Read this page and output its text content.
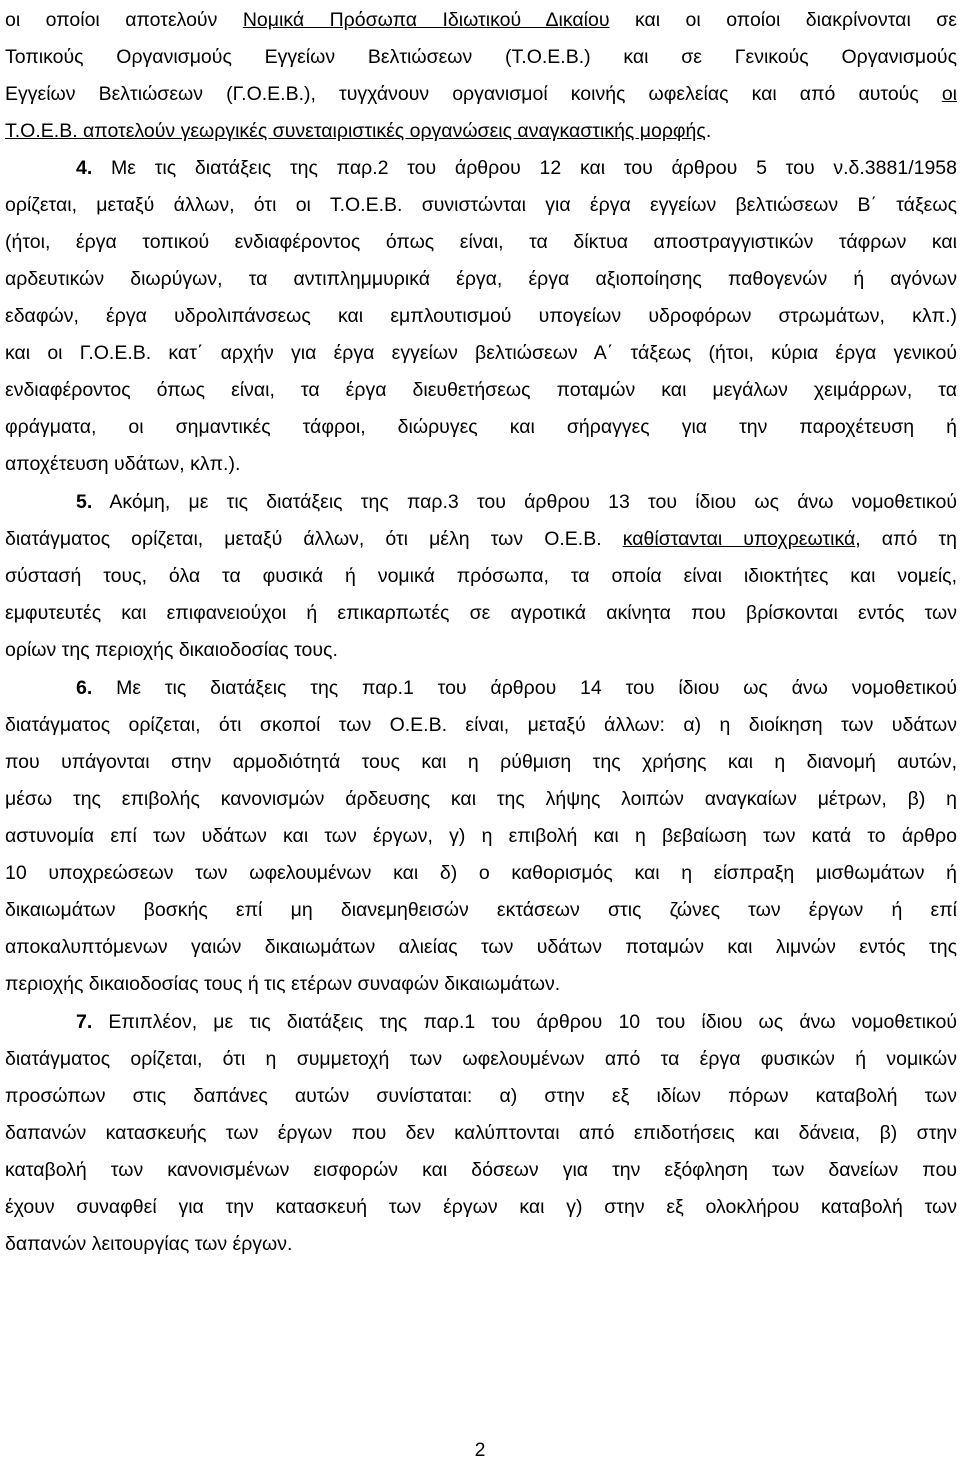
οι οποίοι αποτελούν Νομικά Πρόσωπα Ιδιωτικού Δικαίου και οι οποίοι διακρίνονται σε
Τοπικούς Οργανισμούς Εγγείων Βελτιώσεων (Τ.Ο.Ε.Β.) και σε Γενικούς Οργανισμούς
Εγγείων Βελτιώσεων (Γ.Ο.Ε.Β.), τυγχάνουν οργανισμοί κοινής ωφελείας και από αυτούς οι
Τ.Ο.Ε.Β. αποτελούν γεωργικές συνεταιριστικές οργανώσεις αναγκαστικής μορφής.
4. Με τις διατάξεις της παρ.2 του άρθρου 12 και του άρθρου 5 του ν.δ.3881/1958
ορίζεται, μεταξύ άλλων, ότι οι Τ.Ο.Ε.Β. συνιστώνται για έργα εγγείων βελτιώσεων Β΄ τάξεως
(ήτοι, έργα τοπικού ενδιαφέροντος όπως είναι, τα δίκτυα αποστραγγιστικών τάφρων και
αρδευτικών διωρύγων, τα αντιπλημμυρικά έργα, έργα αξιοποίησης παθογενών ή αγόνων
εδαφών, έργα υδρολιπάνσεως και εμπλουτισμού υπογείων υδροφόρων στρωμάτων, κλπ.)
και οι Γ.Ο.Ε.Β. κατ΄ αρχήν για έργα εγγείων βελτιώσεων Α΄ τάξεως (ήτοι, κύρια έργα γενικού
ενδιαφέροντος όπως είναι, τα έργα διευθετήσεως ποταμών και μεγάλων χειμάρρων, τα
φράγματα, οι σημαντικές τάφροι, διώρυγες και σήραγγες για την παροχέτευση ή
αποχέτευση υδάτων, κλπ.).
5. Ακόμη, με τις διατάξεις της παρ.3 του άρθρου 13 του ίδιου ως άνω νομοθετικού
διατάγματος ορίζεται, μεταξύ άλλων, ότι μέλη των Ο.Ε.Β. καθίστανται υποχρεωτικά, από τη
σύστασή τους, όλα τα φυσικά ή νομικά πρόσωπα, τα οποία είναι ιδιοκτήτες και νομείς,
εμφυτευτές και επιφανειούχοι ή επικαρπωτές σε αγροτικά ακίνητα που βρίσκονται εντός των
ορίων της περιοχής δικαιοδοσίας τους.
6. Με τις διατάξεις της παρ.1 του άρθρου 14 του ίδιου ως άνω νομοθετικού
διατάγματος ορίζεται, ότι σκοποί των Ο.Ε.Β. είναι, μεταξύ άλλων: α) η διοίκηση των υδάτων
που υπάγονται στην αρμοδιότητά τους και η ρύθμιση της χρήσης και η διανομή αυτών,
μέσω της επιβολής κανονισμών άρδευσης και της λήψης λοιπών αναγκαίων μέτρων, β) η
αστυνομία επί των υδάτων και των έργων, γ) η επιβολή και η βεβαίωση των κατά το άρθρο
10 υποχρεώσεων των ωφελουμένων και δ) ο καθορισμός και η είσπραξη μισθωμάτων ή
δικαιωμάτων βοσκής επί μη διανεμηθεισών εκτάσεων στις ζώνες των έργων ή επί
αποκαλυπτόμενων γαιών δικαιωμάτων αλιείας των υδάτων ποταμών και λιμνών εντός της
περιοχής δικαιοδοσίας τους ή τις ετέρων συναφών δικαιωμάτων.
7. Επιπλέον, με τις διατάξεις της παρ.1 του άρθρου 10 του ίδιου ως άνω νομοθετικού
διατάγματος ορίζεται, ότι η συμμετοχή των ωφελουμένων από τα έργα φυσικών ή νομικών
προσώπων στις δαπάνες αυτών συνίσταται: α) στην εξ ιδίων πόρων καταβολή των
δαπανών κατασκευής των έργων που δεν καλύπτονται από επιδοτήσεις και δάνεια, β) στην
καταβολή των κανονισμένων εισφορών και δόσεων για την εξόφληση των δανείων που
έχουν συναφθεί για την κατασκευή των έργων και γ) στην εξ ολοκλήρου καταβολή των
δαπανών λειτουργίας των έργων.
2
